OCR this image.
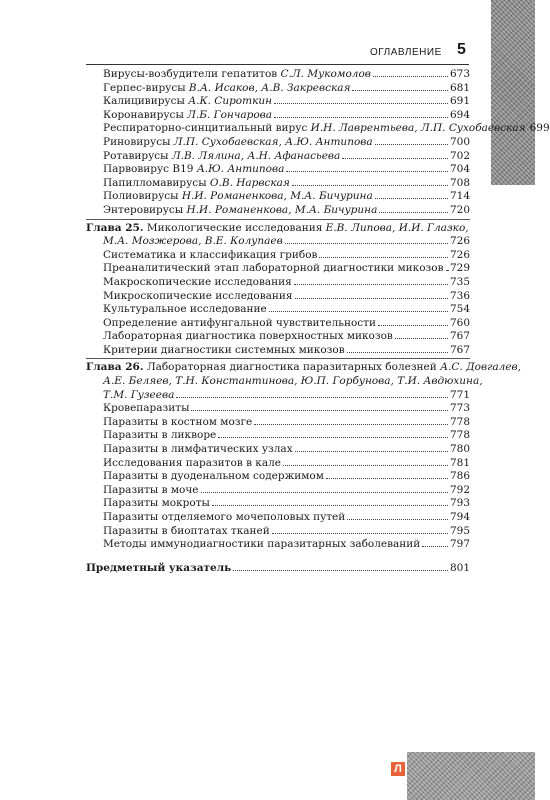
ОГЛАВЛЕНИЕ 5
Вирусы-возбудители гепатитов С.Л. Мукомолов	673
Герпес-вирусы В.А. Исаков, А.В. Закревская	681
Калицивирусы А.К. Сироткин	691
Коронавирусы Л.Б. Гончарова	694
Респираторно-синцитиальный вирус И.Н. Лаврентьева, Л.П. Сухобаевская 699
Риновирусы Л.П. Сухобаевская, А.Ю. Антипова	700
Ротавирусы Л.В. Лялина, А.Н. Афанасьева	702
Парвовирус В19 А.Ю. Антипова	704
Папилломавирусы О.В. Нарвская	708
Полиовирусы Н.И. Романенкова, М.А. Бичурина	714
Энтеровирусы Н.И. Романенкова, М.А. Бичурина	720
Глава 25. Микологические исследования Е.В. Липова, И.И. Глазко,
М.А. Мозжерова, В.Е. Колупаев	726
Систематика и классификация грибов	726
Преаналитический этап лабораторной диагностики микозов 729
Макроскопические исследования	735
Микроскопические исследования	736
Культуральное исследование	754
Определение антифунгальной чувствительности	760
Лабораторная диагностика поверхностных микозов	767
Критерии диагностики системных микозов	767
Глава 26. Лабораторная диагностика паразитарных болезней А.С. Довгалев,
А.Е. Беляев, Т.Н. Константинова, Ю.П. Горбунова, Т.И. Авдюхина,
Т.М. Гузеева	771
Кровепаразиты	773
Паразиты в костном мозге	778
Паразиты в ликворе	778
Паразиты в лимфатических узлах	780
Исследования паразитов в кале	781
Паразиты в дуоденальном содержимом	786
Паразиты в моче	792
Паразиты мокроты	793
Паразиты отделяемого мочеполовых путей	794
Паразиты в биоптатах тканей	795
Методы иммунодиагностики паразитарных заболеваний	797
Предметный указатель	801
Л
